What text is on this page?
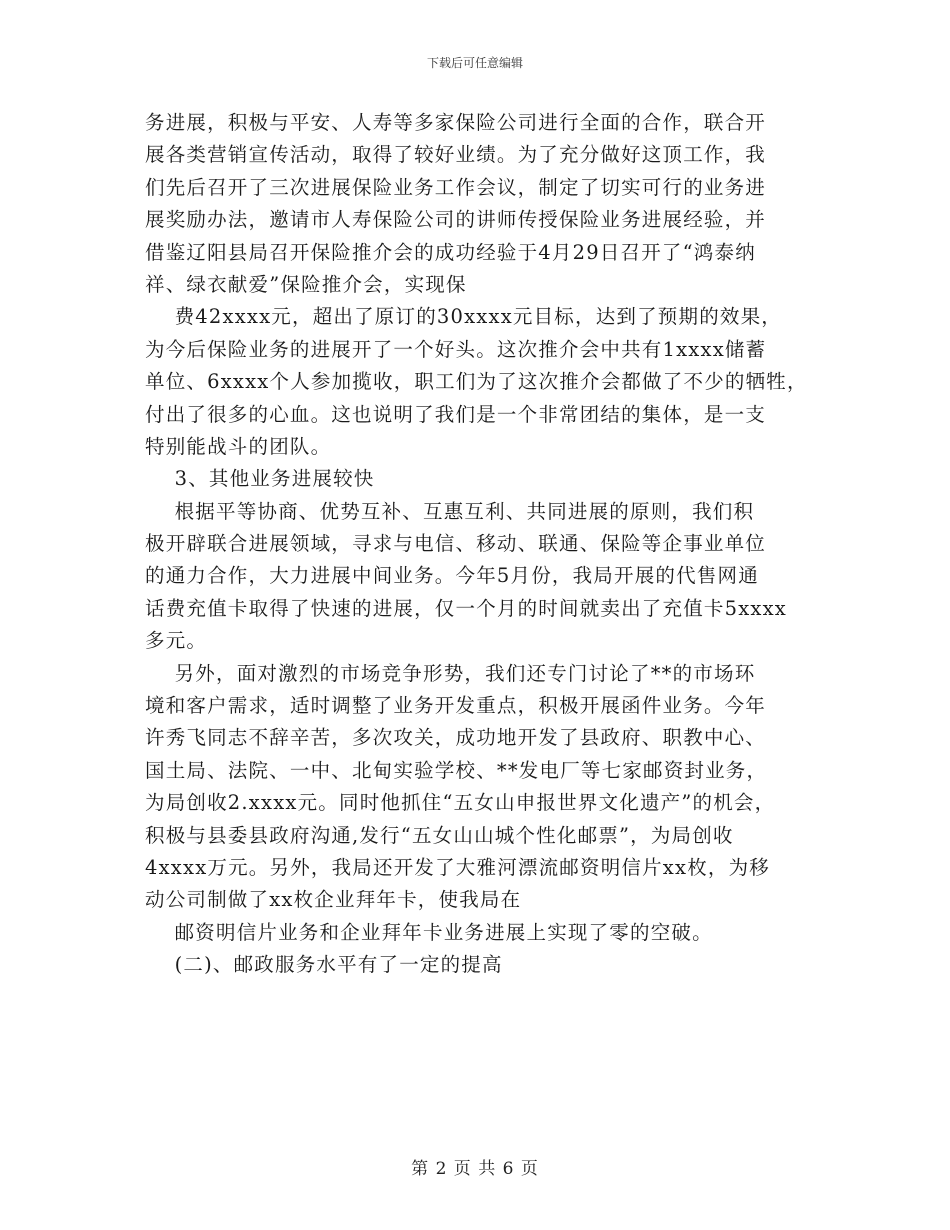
下载后可任意编辑
务进展，积极与平安、人寿等多家保险公司进行全面的合作，联合开
展各类营销宣传活动，取得了较好业绩。为了充分做好这顶工作，我
们先后召开了三次进展保险业务工作会议，制定了切实可行的业务进
展奖励办法，邀请市人寿保险公司的讲师传授保险业务进展经验，并
借鉴辽阳县局召开保险推介会的成功经验于4月29日召开了“鸿泰纳
祥、绿衣献爱”保险推介会，实现保
费42xxxx元，超出了原订的30xxxx元目标，达到了预期的效果，
为今后保险业务的进展开了一个好头。这次推介会中共有1xxxx储蓄
单位、6xxxx个人参加揽收，职工们为了这次推介会都做了不少的牺牲，
付出了很多的心血。这也说明了我们是一个非常团结的集体，是一支
特别能战斗的团队。
3、其他业务进展较快
根据平等协商、优势互补、互惠互利、共同进展的原则，我们积
极开辟联合进展领域，寻求与电信、移动、联通、保险等企事业单位
的通力合作，大力进展中间业务。今年5月份，我局开展的代售网通
话费充值卡取得了快速的进展，仅一个月的时间就卖出了充值卡5xxxx
多元。
另外，面对激烈的市场竞争形势，我们还专门讨论了**的市场环
境和客户需求，适时调整了业务开发重点，积极开展函件业务。今年
许秀飞同志不辞辛苦，多次攻关，成功地开发了县政府、职教中心、
国土局、法院、一中、北甸实验学校、**发电厂等七家邮资封业务，
为局创收2.xxxx元。同时他抓住“五女山申报世界文化遗产”的机会，
积极与县委县政府沟通,发行“五女山山城个性化邮票”，为局创收
4xxxx万元。另外，我局还开发了大雅河漂流邮资明信片xx枚，为移
动公司制做了xx枚企业拜年卡，使我局在
邮资明信片业务和企业拜年卡业务进展上实现了零的空破。
(二)、邮政服务水平有了一定的提高
第 2 页 共 6 页
